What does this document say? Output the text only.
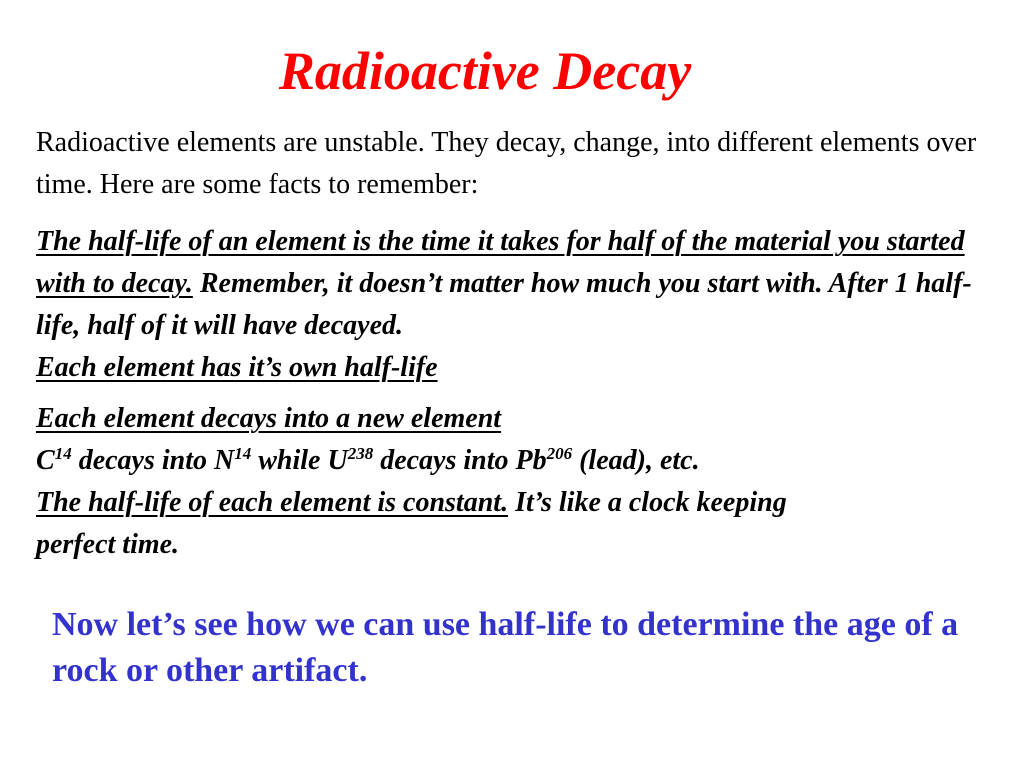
Radioactive Decay
Radioactive elements are unstable. They decay, change, into different elements over time. Here are some facts to remember:
The half-life of an element is the time it takes for half of the material you started with to decay. Remember, it doesn’t matter how much you start with. After 1 half-life, half of it will have decayed.
Each element has it’s own half-life

Each element decays into a new element

$C^{14}$ decays into $N^{14}$ while $U^{238}$ decays into Pb$^{206}$ (lead), etc.

The half-life of each element is constant. It’s like a clock keeping perfect time.

Now let’s see how we can use half-life to determine the age of a rock or other artifact.
